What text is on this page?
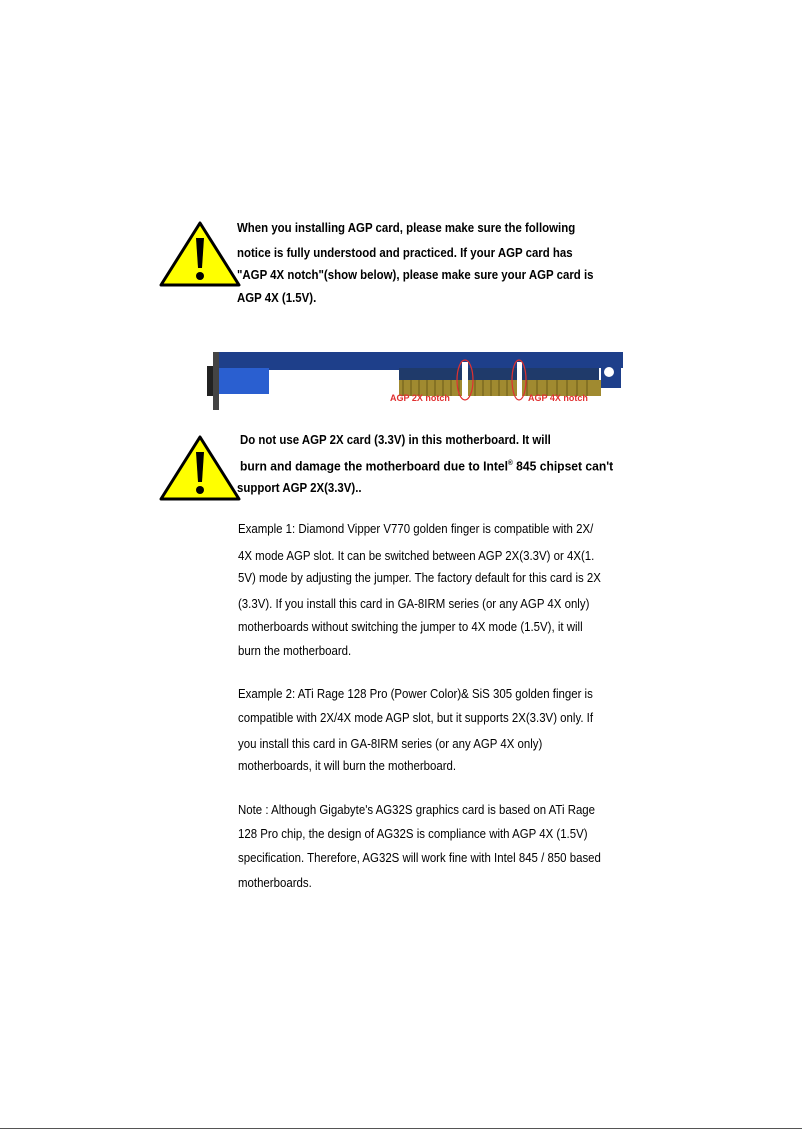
When you installing AGP card, please make sure the following
notice is fully understood and practiced. If your AGP card has
"AGP 4X notch"(show below), please make sure your AGP card is
AGP 4X (1.5V).
AGP 2X notch	AGP 4X notch
Do not use AGP 2X card (3.3V) in this motherboard. It will
burn and damage the motherboard due to Intel® 845 chipset can't
support AGP 2X(3.3V)..
Example 1: Diamond Vipper V770 golden finger is compatible with 2X/
4X mode AGP slot. It can be switched between AGP 2X(3.3V) or 4X(1.
5V) mode by adjusting the jumper. The factory default for this card is 2X
(3.3V). If you install this card in GA-8IRM series (or any AGP 4X only)
motherboards without switching the jumper to 4X mode (1.5V), it will
burn the motherboard.
Example 2: ATi Rage 128 Pro (Power Color)& SiS 305 golden finger is
compatible with 2X/4X mode AGP slot, but it supports 2X(3.3V) only. If
you install this card in GA-8IRM series (or any AGP 4X only)
motherboards, it will burn the motherboard.
Note : Although Gigabyte's AG32S graphics card is based on ATi Rage
128 Pro chip, the design of AG32S is compliance with AGP 4X (1.5V)
specification. Therefore, AG32S will work fine with Intel 845 / 850 based
motherboards.
